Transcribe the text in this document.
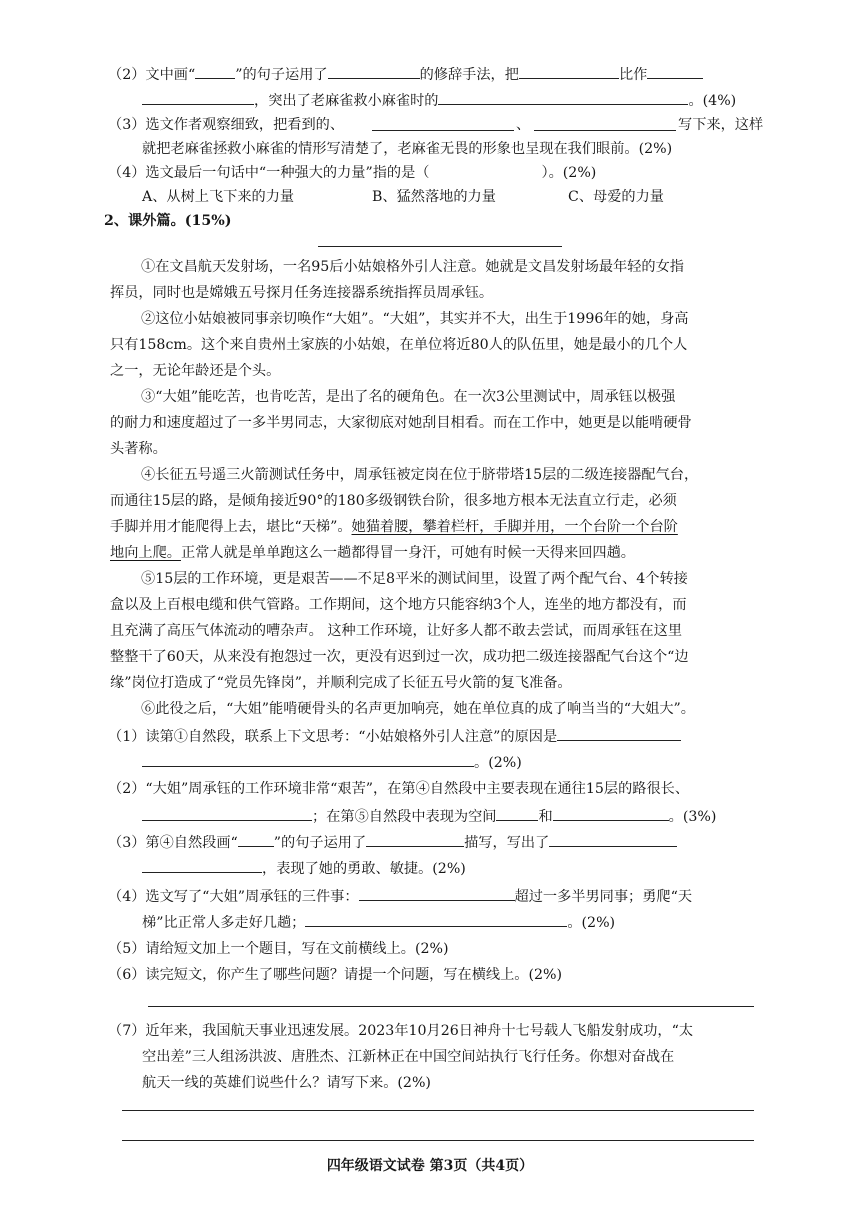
（2）文中画“	”的句子运用了	的修辞手法，把	比作
，突出了老麻雀救小麻雀时的	。(4%)
（3）选文作者观察细致，把看到的、	、	写下来，这样
就把老麻雀拯救小麻雀的情形写清楚了，老麻雀无畏的形象也呈现在我们眼前。(2%)
（4）选文最后一句话中“一种强大的力量”指的是（	）。(2%)
A、从树上飞下来的力量	B、猛然落地的力量	C、母爱的力量
2、课外篇。(15%)
①在文昌航天发射场，一名95后小姑娘格外引人注意。她就是文昌发射场最年轻的女指
挥员，同时也是嫦娥五号探月任务连接器系统指挥员周承钰。
②这位小姑娘被同事亲切唤作“大姐”。“大姐”，其实并不大，出生于1996年的她，身高
只有158cm。这个来自贵州土家族的小姑娘，在单位将近80人的队伍里，她是最小的几个人
之一，无论年龄还是个头。
③“大姐”能吃苦，也肯吃苦，是出了名的硬角色。在一次3公里测试中，周承钰以极强
的耐力和速度超过了一多半男同志，大家彻底对她刮目相看。而在工作中，她更是以能啃硬骨
头著称。
④长征五号遥三火箭测试任务中，周承钰被定岗在位于脐带塔15层的二级连接器配气台，
而通往15层的路，是倾角接近90°的180多级钢铁台阶，很多地方根本无法直立行走，必须
手脚并用才能爬得上去，堪比“天梯”。她猫着腰，攀着栏杆，手脚并用，一个台阶一个台阶
地向上爬。正常人就是单单跑这么一趟都得冒一身汗，可她有时候一天得来回四趟。
⑤15层的工作环境，更是艰苦——不足8平米的测试间里，设置了两个配气台、4个转接
盒以及上百根电缆和供气管路。工作期间，这个地方只能容纳3个人，连坐的地方都没有，而
且充满了高压气体流动的嘈杂声。 这种工作环境，让好多人都不敢去尝试，而周承钰在这里
整整干了60天，从来没有抱怨过一次，更没有迟到过一次，成功把二级连接器配气台这个“边
缘”岗位打造成了“党员先锋岗”，并顺利完成了长征五号火箭的复飞准备。
⑥此役之后，“大姐”能啃硬骨头的名声更加响亮，她在单位真的成了响当当的“大姐大”。
（1）读第①自然段，联系上下文思考：“小姑娘格外引人注意”的原因是
。(2%)
（2）“大姐”周承钰的工作环境非常“艰苦”，在第④自然段中主要表现在通往15层的路很长、
；在第⑤自然段中表现为空间	和	。(3%)
（3）第④自然段画“	”的句子运用了	描写，写出了
，表现了她的勇敢、敏捷。(2%)
（4）选文写了“大姐”周承钰的三件事：	超过一多半男同事；勇爬“天
梯”比正常人多走好几趟；	。(2%)
（5）请给短文加上一个题目，写在文前横线上。(2%)
（6）读完短文，你产生了哪些问题？请提一个问题，写在横线上。(2%)
（7）近年来，我国航天事业迅速发展。2023年10月26日神舟十七号载人飞船发射成功，“太
空出差”三人组汤洪波、唐胜杰、江新林正在中国空间站执行飞行任务。你想对奋战在
航天一线的英雄们说些什么？请写下来。(2%)
四年级语文试卷 第3页（共4页）
